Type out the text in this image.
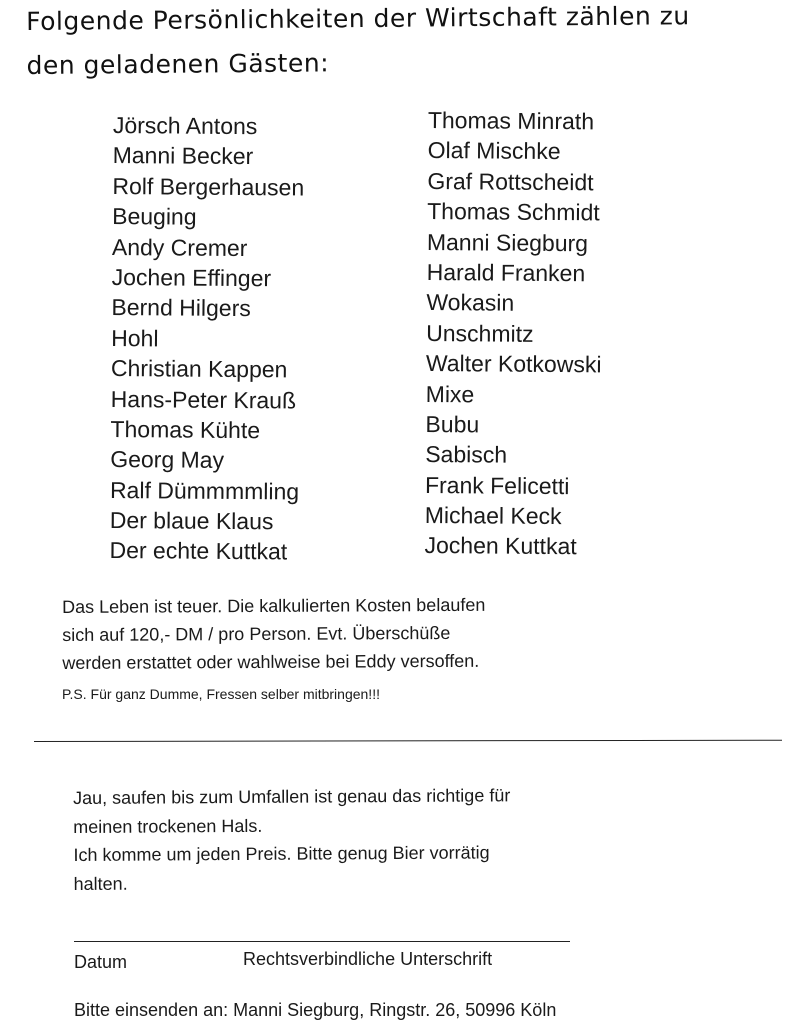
Folgende Persönlichkeiten der Wirtschaft zählen zu
den geladenen Gästen:
Jörsch Antons
Manni Becker
Rolf Bergerhausen
Beuging
Andy Cremer
Jochen Effinger
Bernd Hilgers
Hohl
Christian Kappen
Hans-Peter Krauß
Thomas Kühte
Georg May
Ralf Dümmmmling
Der blaue Klaus
Der echte Kuttkat
Thomas Minrath
Olaf Mischke
Graf Rottscheidt
Thomas Schmidt
Manni Siegburg
Harald Franken
Wokasin
Unschmitz
Walter Kotkowski
Mixe
Bubu
Sabisch
Frank Felicetti
Michael Keck
Jochen Kuttkat
Das Leben ist teuer. Die kalkulierten Kosten belaufen
sich auf 120,- DM / pro Person. Evt. Überschüße
werden erstattet oder wahlweise bei Eddy versoffen.
P.S. Für ganz Dumme, Fressen selber mitbringen!!!
Jau, saufen bis zum Umfallen ist genau das richtige für
meinen trockenen Hals.
Ich komme um jeden Preis. Bitte genug Bier vorrätig
halten.
Datum	Rechtsverbindliche Unterschrift
Bitte einsenden an: Manni Siegburg, Ringstr. 26, 50996 Köln
